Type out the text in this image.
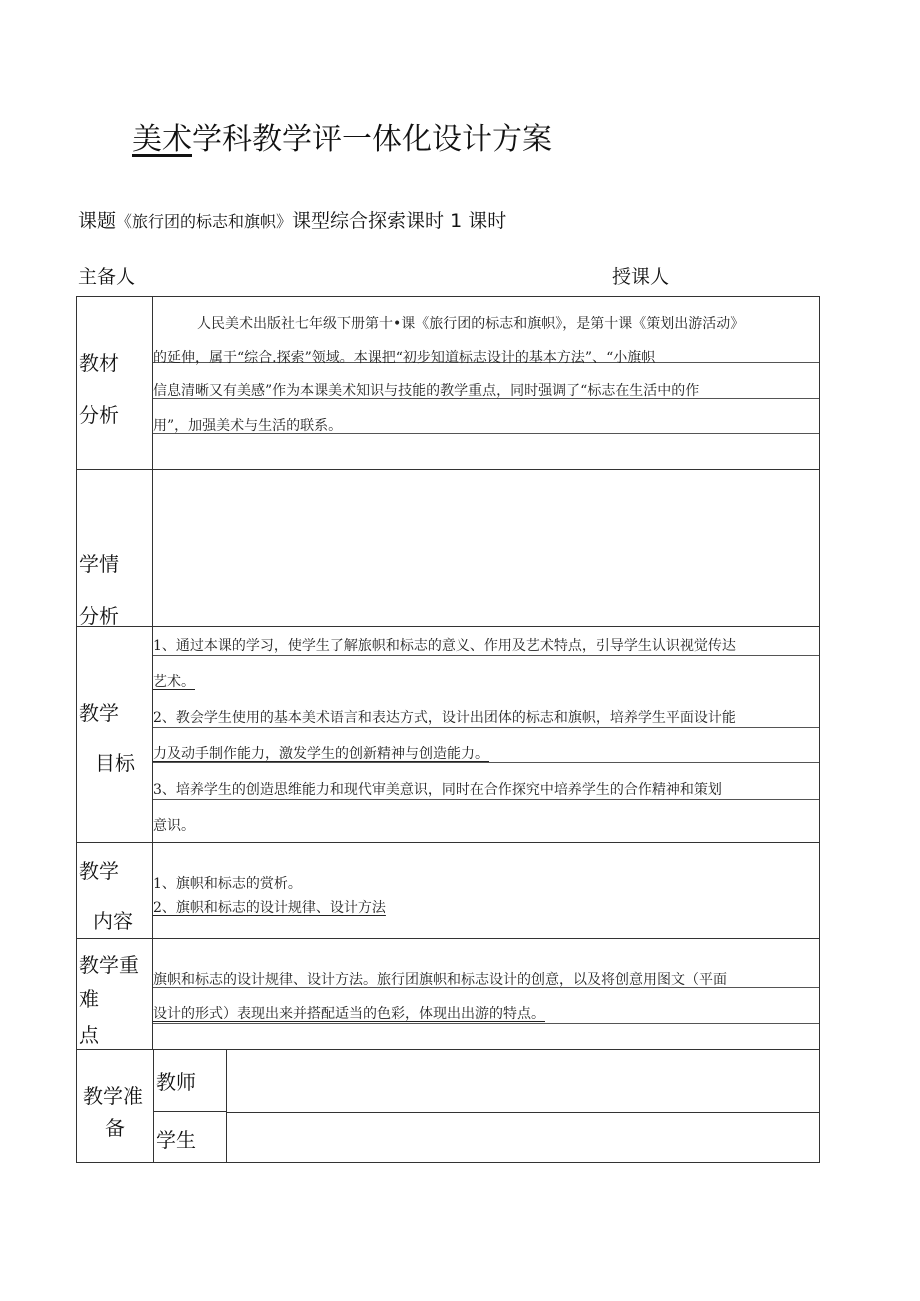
美术学科教学评一体化设计方案
课题《旅行团的标志和旗帜》课型综合探索课时 1 课时
主备人	授课人
教材
分析
人民美术出版社七年级下册第十•课《旅行团的标志和旗帜》，是第十课《策划出游活动》
的延伸，属于“综合.探索”领域。本课把“初步知道标志设计的基本方法”、“小旗帜
信息清晰又有美感”作为本课美术知识与技能的教学重点，同时强调了“标志在生活中的作
用”，加强美术与生活的联系。
学情
分析
教学
目标
1、通过本课的学习，使学生了解旅帜和标志的意义、作用及艺术特点，引导学生认识视觉传达
艺术。
2、教会学生使用的基本美术语言和表达方式，设计出团体的标志和旗帜，培养学生平面设计能
力及动手制作能力，激发学生的创新精神与创造能力。
3、培养学生的创造思维能力和现代审美意识，同时在合作探究中培养学生的合作精神和策划
意识。
教学
内容
1、旗帜和标志的赏析。
2、旗帜和标志的设计规律、设计方法
教学重
难
点
旗帜和标志的设计规律、设计方法。旅行团旗帜和标志设计的创意，以及将创意用图文（平面
设计的形式）表现出来并搭配适当的色彩，体现出出游的特点。
教学准
备
教师
学生
